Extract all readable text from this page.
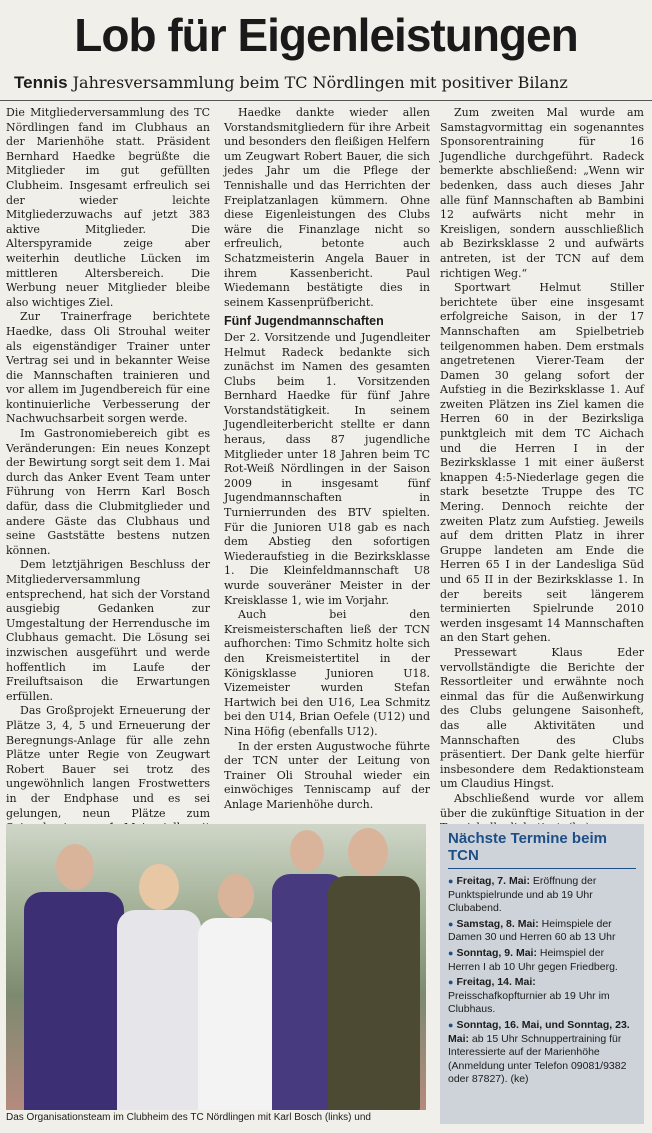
Lob für Eigenleistungen
Tennis Jahresversammlung beim TC Nördlingen mit positiver Bilanz

Die Mitgliederversammlung des TC Nördlingen fand im Clubhaus an der Marienhöhe statt. Präsident Bernhard Haedke begrüßte die Mitglieder im gut gefüllten Clubheim. Insgesamt erfreulich sei der wieder leichte Mitgliederzuwachs auf jetzt 383 aktive Mitglieder. Die Alterspyramide zeige aber weiterhin deutliche Lücken im mittleren Altersbereich. Die Werbung neuer Mitglieder bleibe also wichtiges Ziel.

Zur Trainerfrage berichtete Haedke, dass Oli Strouhal weiter als eigenständiger Trainer unter Vertrag sei und in bekannter Weise die Mannschaften trainieren und vor allem im Jugendbereich für eine kontinuierliche Verbesserung der Nachwuchsarbeit sorgen werde.

Im Gastronomiebereich gibt es Veränderungen: Ein neues Konzept der Bewirtung sorgt seit dem 1. Mai durch das Anker Event Team unter Führung von Herrn Karl Bosch dafür, dass die Clubmitglieder und andere Gäste das Clubhaus und seine Gaststätte bestens nutzen können.

Dem letztjährigen Beschluss der Mitgliederversammlung entsprechend, hat sich der Vorstand ausgiebig Gedanken zur Umgestaltung der Herrendusche im Clubhaus gemacht. Die Lösung sei inzwischen ausgeführt und werde hoffentlich im Laufe der Freiluftsaison die Erwartungen erfüllen.

Das Großprojekt Erneuerung der Plätze 3, 4, 5 und Erneuerung der Beregnungs-Anlage für alle zehn Plätze unter Regie von Zeugwart Robert Bauer sei trotz des ungewöhnlich langen Frostwetters in der Endphase und es sei gelungen, neun Plätze zum

Haedke dankte wieder allen Vorstandsmitgliedern für ihre Arbeit und besonders den fleißigen Helfern um Zeugwart Robert Bauer, die sich jedes Jahr um die Pflege der Tennishalle und das Herrichten der Freiplatzanlagen kümmern. Ohne diese Eigenleistungen des Clubs wäre die Finanzlage nicht so erfreulich, betonte auch Schatzmeisterin Angela Bauer in ihrem Kassenbericht. Paul Wiedemann bestätigte dies in seinem Kassenprüfbericht.

Fünf Jugendmannschaften

Der 2. Vorsitzende und Jugendleiter Helmut Radeck bedankte sich zunächst im Namen des gesamten Clubs beim 1. Vorsitzenden Bernhard Haedke für fünf Jahre Vorstandstätigkeit. In seinem Jugendleiterbericht stellte er dann heraus, dass 87 jugendliche Mitglieder unter 18 Jahren beim TC Rot-Weiß Nördlingen in der Saison 2009 in insgesamt fünf Jugendmannschaften in Turnierrunden des BTV spielten. Für die Junioren U18 gab es nach dem Abstieg den sofortigen Wiederaufstieg in die Bezirksklasse 1. Die Kleinfeldmannschaft U8 wurde souveräner Meister in der Kreisklasse 1, wie im Vorjahr.

Auch bei den Kreismeisterschaften ließ der TCN aufhorchen: Timo Schmitz holte sich den Kreismeistertitel in der Königsklasse Junioren U18. Vizemeister wurden Stefan Hartwich bei den U16, Lea Schmitz bei den U14, Brian Oefele (U12) und Nina Höfig (ebenfalls U12).

In der ersten Augustwoche führte der TCN unter der Leitung von Trainer Oli Strouhal wieder ein einwöchiges Tenniscamp auf der Anlage Marienhöhe durch.

Zum zweiten Mal wurde am Samstagvormittag ein sogenanntes Sponsorentraining für 16 Jugendliche durchgeführt. Radeck bemerkte abschließend: „Wenn wir bedenken, dass auch dieses Jahr alle fünf Mannschaften ab Bambini 12 aufwärts nicht mehr in Kreisligen, sondern ausschließlich ab Bezirksklasse 2 und aufwärts antreten, ist der TCN auf dem richtigen Weg.“

Sportwart Helmut Stiller berichtete über eine insgesamt erfolgreiche Saison, in der 17 Mannschaften am Spielbetrieb teilgenommen haben. Dem erstmals angetretenen Vierer-Team der Damen 30 gelang sofort der Aufstieg in die Bezirksklasse 1. Auf zweiten Plätzen ins Ziel kamen die Herren 60 in der Bezirksliga punktgleich mit dem TC Aichach und die Herren I in der Bezirksklasse 1 mit einer äußerst knappen 4:5-Niederlage gegen die stark besetzte Truppe des TC Mering. Dennoch reichte der zweiten Platz zum Aufstieg. Jeweils auf dem dritten Platz in ihrer Gruppe landeten am Ende die Herren 65 I in der Landesliga Süd und 65 II in der Bezirksklasse 1. In der bereits seit längerem terminierten Spielrunde 2010 werden insgesamt 14 Mannschaften an den Start gehen.

Pressewart Klaus Eder vervollständigte die Berichte der Ressortleiter und erwähnte noch einmal das für die Außenwirkung des Clubs gelungene Saisonheft, das alle Aktivitäten und Mannschaften des Clubs präsentiert. Der Dank gelte hierfür insbesondere dem Redaktionsteam um Claudius Hingst.

Abschließend wurde vor allem über die zukünftige Situation in der

Das Organisationsteam im Clubheim des TC Nördlingen mit Karl Bosch (links) und
Nächste Termine beim TCN
● Freitag, 7. Mai: Eröffnung der Punktspielrunde und ab 19 Uhr Clubabend.
● Samstag, 8. Mai: Heimspiele der Damen 30 und Herren 60 ab 13 Uhr
● Sonntag, 9. Mai: Heimspiel der Herren I ab 10 Uhr gegen Friedberg.
● Freitag, 14. Mai: Preisschafkopfturnier ab 19 Uhr im Clubhaus.
● Sonntag, 16. Mai, und Sonntag, 23. Mai: ab 15 Uhr Schnuppertraining für Interessierte auf der Marienhöhe (Anmeldung unter Telefon 09081/9382 oder 87827). (ke)
